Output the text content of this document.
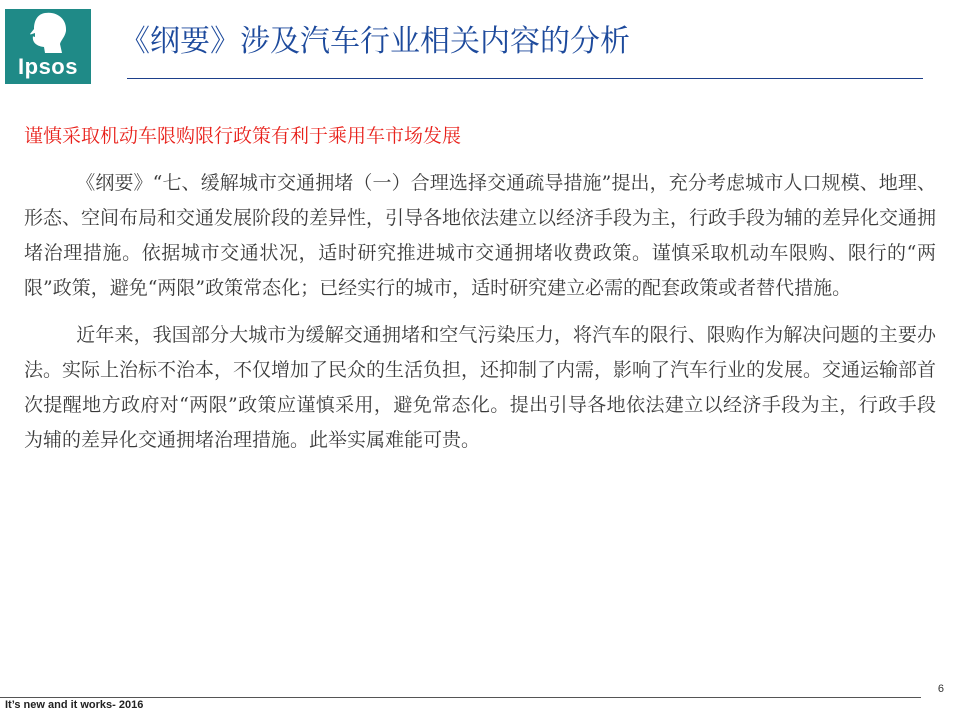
Ipsos
《纲要》涉及汽车行业相关内容的分析
谨慎采取机动车限购限行政策有利于乘用车市场发展

《纲要》“七、缓解城市交通拥堵（一）合理选择交通疏导措施”提出，充分考虑城市人口规模、地理、形态、空间布局和交通发展阶段的差异性，引导各地依法建立以经济手段为主，行政手段为辅的差异化交通拥堵治理措施。依据城市交通状况，适时研究推进城市交通拥堵收费政策。谨慎采取机动车限购、限行的“两限”政策，避免“两限”政策常态化；已经实行的城市，适时研究建立必需的配套政策或者替代措施。

近年来，我国部分大城市为缓解交通拥堵和空气污染压力，将汽车的限行、限购作为解决问题的主要办法。实际上治标不治本，不仅增加了民众的生活负担，还抑制了内需，影响了汽车行业的发展。交通运输部首次提醒地方政府对“两限”政策应谨慎采用，避免常态化。提出引导各地依法建立以经济手段为主，行政手段为辅的差异化交通拥堵治理措施。此举实属难能可贵。

6
It’s new and it works- 2016
